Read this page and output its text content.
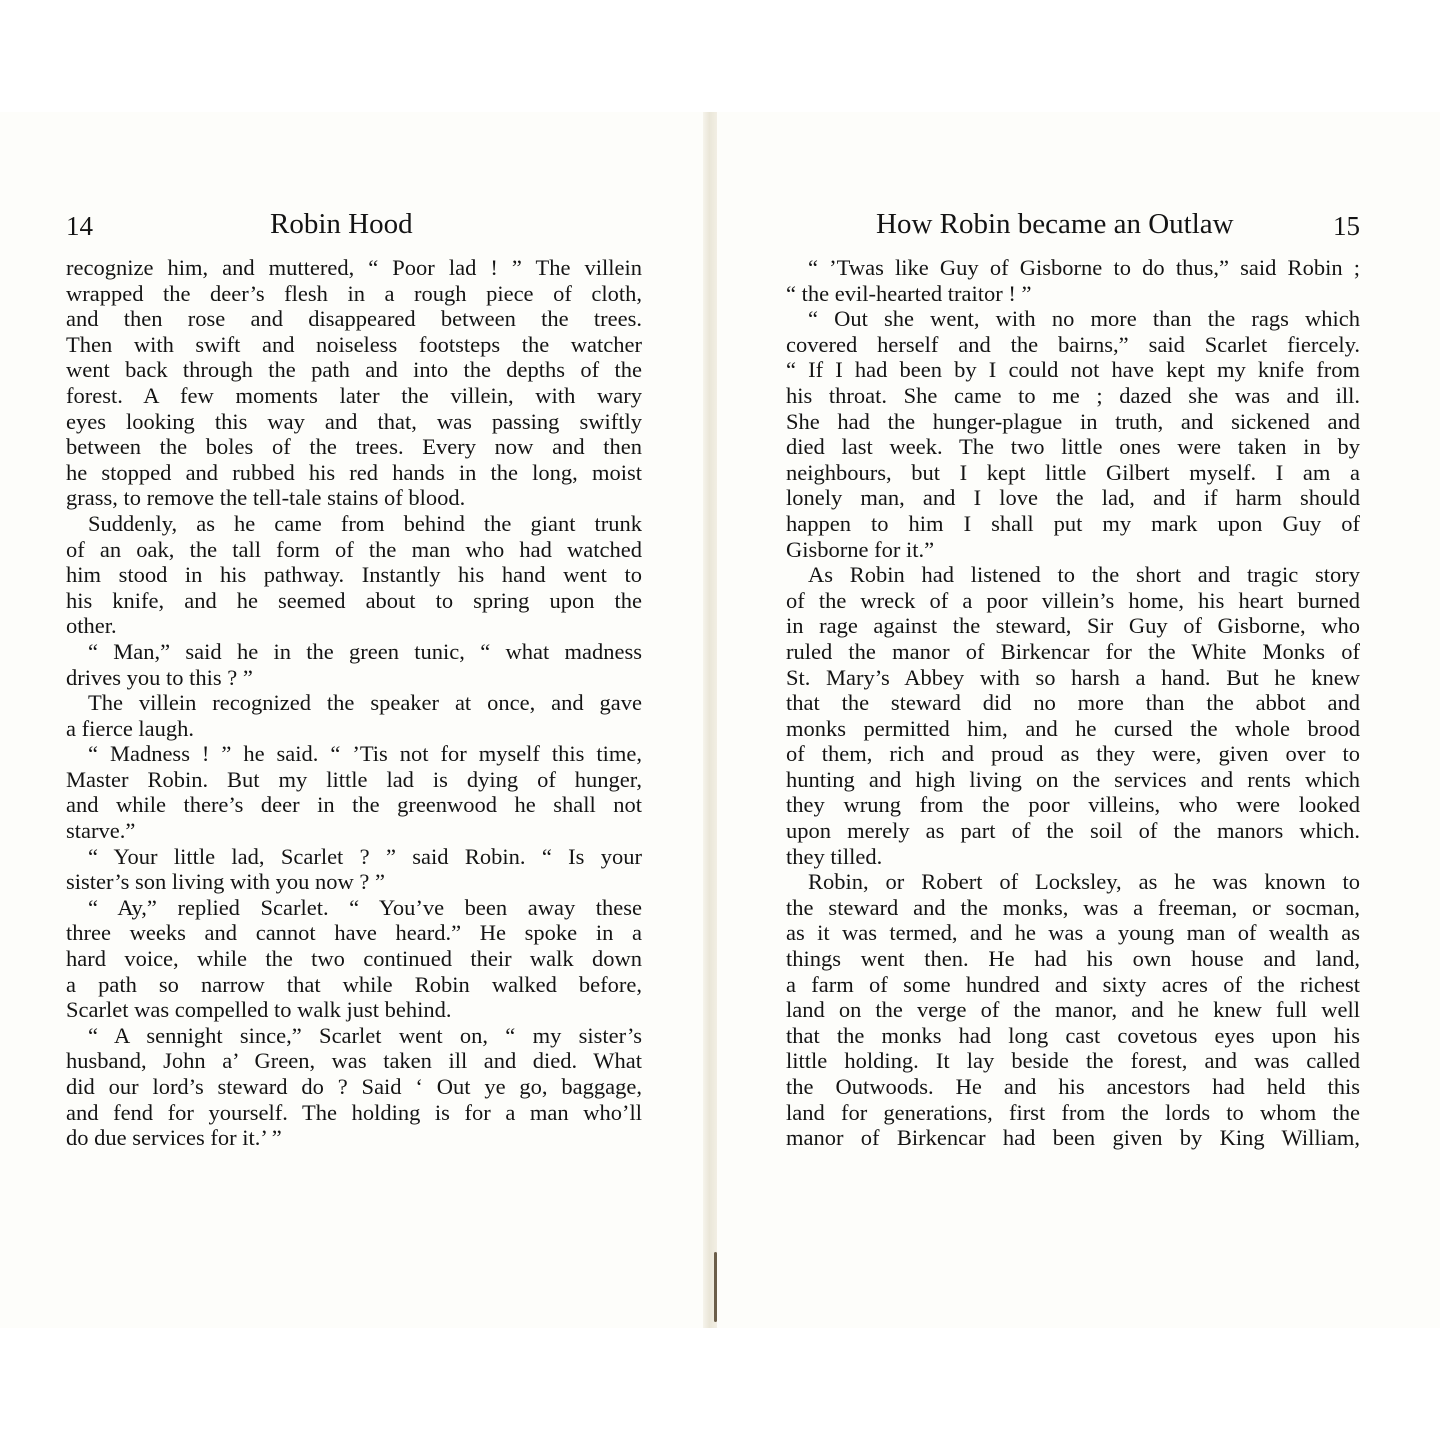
14	Robin Hood
recognize him, and muttered, “ Poor lad ! ” The villein
wrapped the deer’s flesh in a rough piece of cloth,
and then rose and disappeared between the trees.
Then with swift and noiseless footsteps the watcher
went back through the path and into the depths of the
forest. A few moments later the villein, with wary
eyes looking this way and that, was passing swiftly
between the boles of the trees. Every now and then
he stopped and rubbed his red hands in the long, moist
grass, to remove the tell-tale stains of blood.
Suddenly, as he came from behind the giant trunk
of an oak, the tall form of the man who had watched
him stood in his pathway. Instantly his hand went to
his knife, and he seemed about to spring upon the
other.
“ Man,” said he in the green tunic, “ what madness
drives you to this ? ”
The villein recognized the speaker at once, and gave
a fierce laugh.
“ Madness ! ” he said. “ ’Tis not for myself this time,
Master Robin. But my little lad is dying of hunger,
and while there’s deer in the greenwood he shall not
starve.”
“ Your little lad, Scarlet ? ” said Robin. “ Is your
sister’s son living with you now ? ”
“ Ay,” replied Scarlet. “ You’ve been away these
three weeks and cannot have heard.” He spoke in a
hard voice, while the two continued their walk down
a path so narrow that while Robin walked before,
Scarlet was compelled to walk just behind.
“ A sennight since,” Scarlet went on, “ my sister’s
husband, John a’ Green, was taken ill and died. What
did our lord’s steward do ? Said ‘ Out ye go, baggage,
and fend for yourself. The holding is for a man who’ll
do due services for it.’ ”
How Robin became an Outlaw	15
“ ’Twas like Guy of Gisborne to do thus,” said Robin ;
“ the evil-hearted traitor ! ”
“ Out she went, with no more than the rags which
covered herself and the bairns,” said Scarlet fiercely.
“ If I had been by I could not have kept my knife from
his throat. She came to me ; dazed she was and ill.
She had the hunger-plague in truth, and sickened and
died last week. The two little ones were taken in by
neighbours, but I kept little Gilbert myself. I am a
lonely man, and I love the lad, and if harm should
happen to him I shall put my mark upon Guy of
Gisborne for it.”
As Robin had listened to the short and tragic story
of the wreck of a poor villein’s home, his heart burned
in rage against the steward, Sir Guy of Gisborne, who
ruled the manor of Birkencar for the White Monks of
St. Mary’s Abbey with so harsh a hand. But he knew
that the steward did no more than the abbot and
monks permitted him, and he cursed the whole brood
of them, rich and proud as they were, given over to
hunting and high living on the services and rents which
they wrung from the poor villeins, who were looked
upon merely as part of the soil of the manors which.
they tilled.
Robin, or Robert of Locksley, as he was known to
the steward and the monks, was a freeman, or socman,
as it was termed, and he was a young man of wealth as
things went then. He had his own house and land,
a farm of some hundred and sixty acres of the richest
land on the verge of the manor, and he knew full well
that the monks had long cast covetous eyes upon his
little holding. It lay beside the forest, and was called
the Outwoods. He and his ancestors had held this
land for generations, first from the lords to whom the
manor of Birkencar had been given by King William,
